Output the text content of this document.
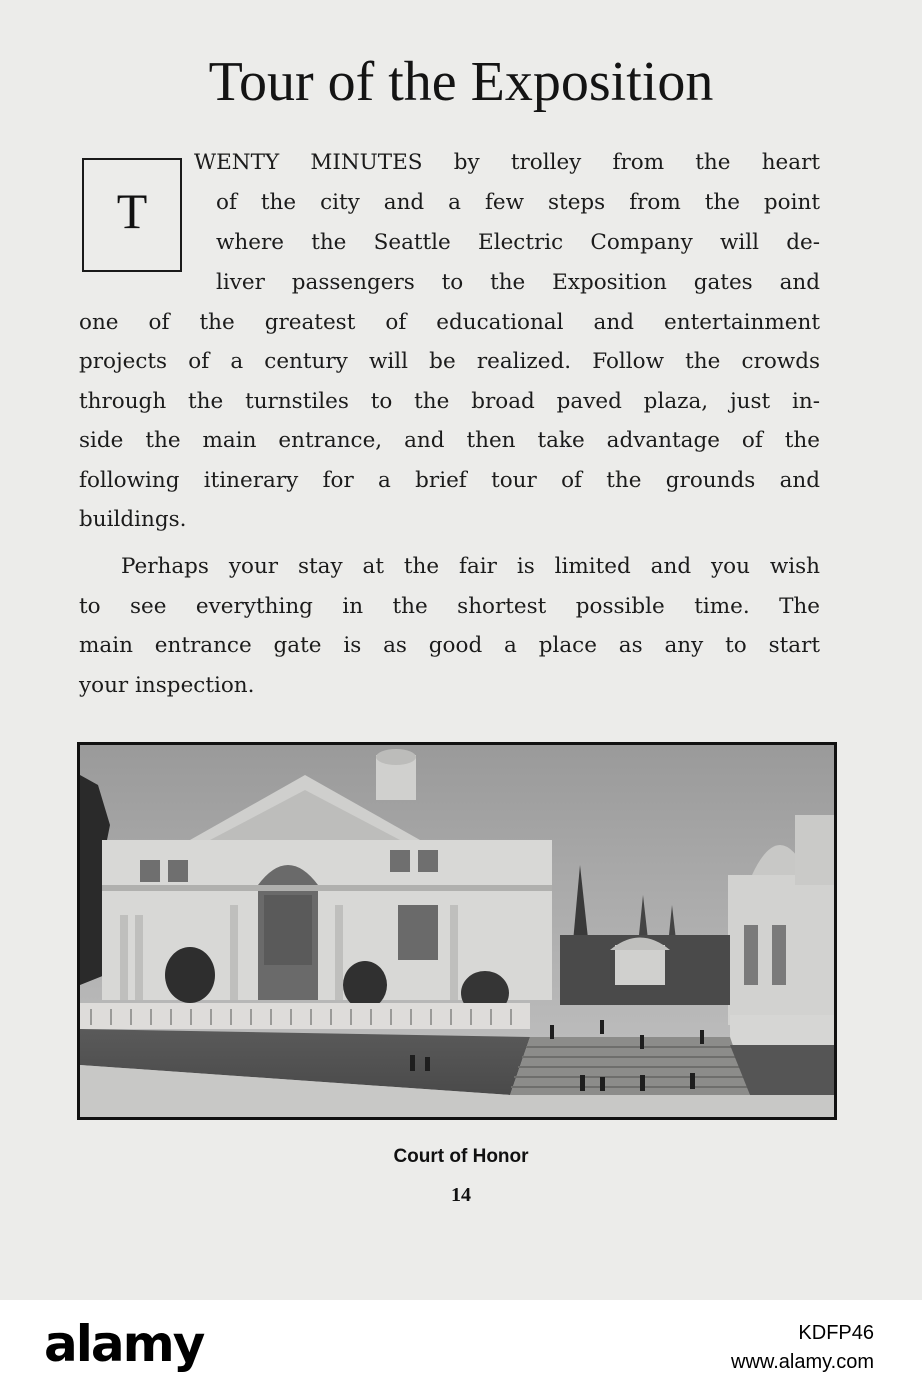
Tour of the Exposition
T
WENTY MINUTES by trolley from the heart
of the city and a few steps from the point
where the Seattle Electric Company will de-
liver passengers to the Exposition gates and
one of the greatest of educational and entertainment
projects of a century will be realized. Follow the crowds
through the turnstiles to the broad paved plaza, just in-
side the main entrance, and then take advantage of the
following itinerary for a brief tour of the grounds and
buildings.
Perhaps your stay at the fair is limited and you wish
to see everything in the shortest possible time. The
main entrance gate is as good a place as any to start
your inspection.
Court of Honor
14
alamy	KDFP46
www.alamy.com
